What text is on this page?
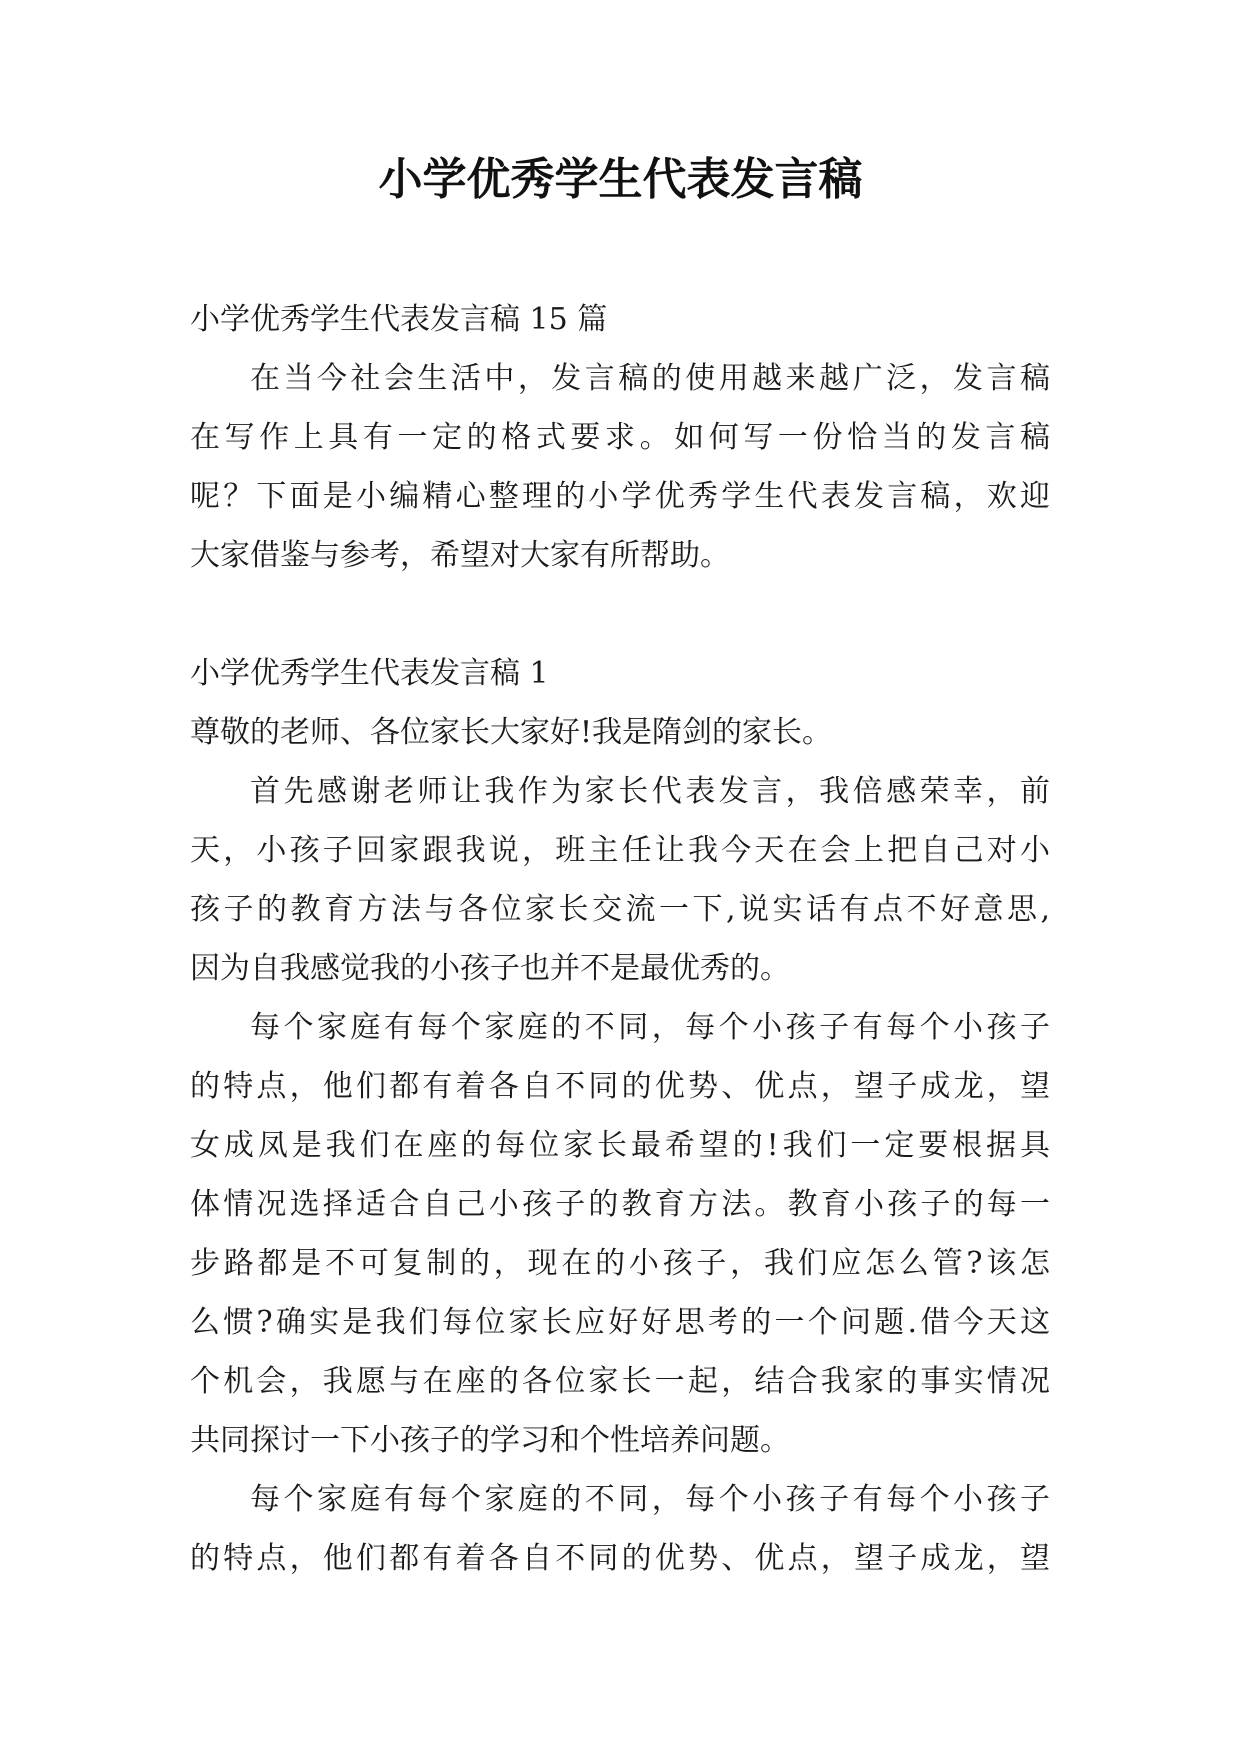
小学优秀学生代表发言稿
小学优秀学生代表发言稿 15 篇
在当今社会生活中，发言稿的使用越来越广泛，发言稿
在写作上具有一定的格式要求。如何写一份恰当的发言稿
呢？下面是小编精心整理的小学优秀学生代表发言稿，欢迎
大家借鉴与参考，希望对大家有所帮助。
小学优秀学生代表发言稿 1
尊敬的老师、各位家长大家好!我是隋剑的家长。
首先感谢老师让我作为家长代表发言，我倍感荣幸，前
天，小孩子回家跟我说，班主任让我今天在会上把自己对小
孩子的教育方法与各位家长交流一下,说实话有点不好意思,
因为自我感觉我的小孩子也并不是最优秀的。
每个家庭有每个家庭的不同，每个小孩子有每个小孩子
的特点，他们都有着各自不同的优势、优点，望子成龙，望
女成凤是我们在座的每位家长最希望的!我们一定要根据具
体情况选择适合自己小孩子的教育方法。教育小孩子的每一
步路都是不可复制的，现在的小孩子，我们应怎么管?该怎
么惯?确实是我们每位家长应好好思考的一个问题.借今天这
个机会，我愿与在座的各位家长一起，结合我家的事实情况
共同探讨一下小孩子的学习和个性培养问题。
每个家庭有每个家庭的不同，每个小孩子有每个小孩子
的特点，他们都有着各自不同的优势、优点，望子成龙，望
